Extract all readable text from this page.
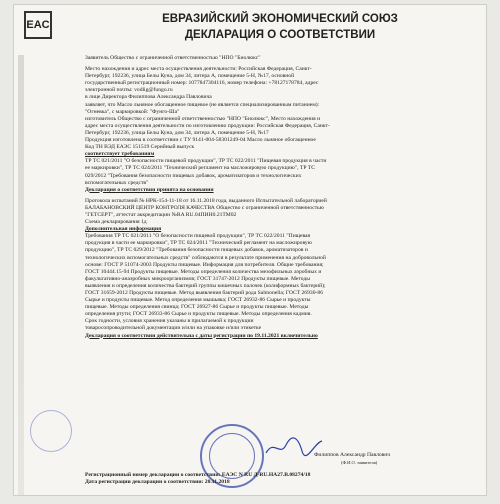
EAC	ЕВРАЗИЙСКИЙ ЭКОНОМИЧЕСКИЙ СОЮЗ
ДЕКЛАРАЦИЯ О СООТВЕТСТВИИ
Заявитель Общество с ограниченной ответственностью "НПО "Биолюкс"
Место нахождения и адрес места осуществления деятельности: Российская Федерация, Санкт-
Петербург, 192236, улица Белы Куна, дом 34, литера А, помещение 5-Н, №17, основной
государственный регистрационный номер: 1077847304116, номер телефона: +78127178784, адрес
электронной почты: vodlig@fungo.ru
в лице Директора Филиппова Александра Павловича
заявляет, что Масло льняное обогащенное пищевое (не является специализированным питанием):
"Огневка", с маркировкой: "Фунго-Ша"
изготовитель Общество с ограниченной ответственностью "НПО "Биолюкс", Место нахождения и
адрес места осуществления деятельности по изготовлению продукции: Российская Федерация, Санкт-
Петербург, 192236, улица Белы Куна, дом 34, литера А, помещение 5-Н, №17
Продукция изготовлена в соответствии с ТУ 9141-004-58301249-04 Масло льняное обогащенное
Код ТН ВЭД ЕАЭС 151519 Серийный выпуск
соответствует требованиям
ТР ТС 021/2011 "О безопасности пищевой продукции", ТР ТС 022/2011 "Пищевая продукция в части
ее маркировки", ТР ТС 024/2011 "Технический регламент на масложировую продукцию", ТР ТС
029/2012 "Требования безопасности пищевых добавок, ароматизаторов и технологических
вспомогательных средств"
Декларация о соответствии принята на основании
Протокола испытаний № НРК-154-11-18 от 16.11.2018 года, выданного Испытательной лабораторией
БАЛАБАНОВСКИЙ ЦЕНТР КОНТРОЛЯ КАЧЕСТВА Общество с ограниченной ответственностью
"ГЕТСЕРТ", аттестат аккредитации №RA RU.04ПИН0.21ТМ02
Схема декларирования 1д
Дополнительная информация
Требования ТР ТС 021/2011 "О безопасности пищевой продукции", ТР ТС 022/2011 "Пищевая
продукция в части ее маркировки", ТР ТС 024/2011 "Технический регламент на масложировую
продукцию", ТР ТС 029/2012 "Требования безопасности пищевых добавок, ароматизаторов и
технологических вспомогательных средств" соблюдаются в результате применения на добровольной
основе: ГОСТ Р 51074-2003 Продукты пищевые. Информация для потребителя. Общие требования;
ГОСТ 10444.15-94 Продукты пищевые. Методы определения количества мезофильных аэробных и
факультативно-анаэробных микроорганизмов; ГОСТ 31747-2012 Продукты пищевые. Методы
выявления и определения количества бактерий группы кишечных палочек (колиформных бактерий);
ГОСТ 31659-2012 Продукты пищевые. Метод выявления бактерий рода Salmonella; ГОСТ 26930-86
Сырье и продукты пищевые. Метод определения мышьяка; ГОСТ 26932-86 Сырье и продукты
пищевые. Методы определения свинца; ГОСТ 26927-86 Сырье и продукты пищевые. Методы
определения ртути; ГОСТ 26933-86 Сырье и продукты пищевые. Методы определения кадмия.
Срок годности, условия хранения указаны в прилагаемой к продукции
товаросопроводительной документации и/или на упаковке и/или этикетке
Декларация о соответствии действительна с даты регистрации по 19.11.2021 включительно
Филиппов Александр Павлович
(Ф.И.О. заявителя)
Регистрационный номер декларации о соответствии: ЕАЭС N RU Д-RU.НА27.В.08274/18
Дата регистрации декларации о соответствии: 20.11.2018
